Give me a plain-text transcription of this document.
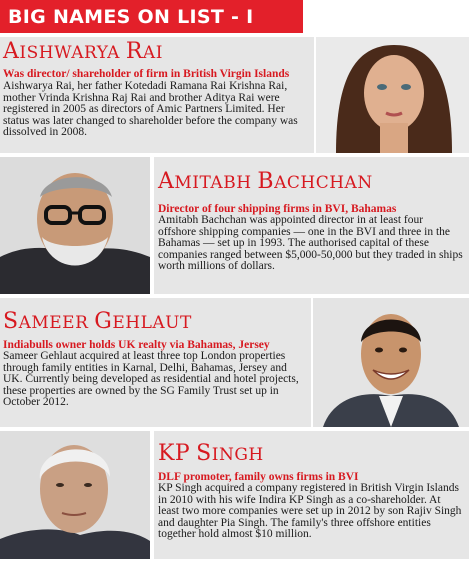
BIG NAMES ON LIST - I
AISHWARYA RAI
Was director/ shareholder of firm in British Virgin Islands
Aishwarya Rai, her father Kotedadi Ramana Rai Krishna Rai, mother Vrinda Krishna Raj Rai and brother Aditya Rai were registered in 2005 as directors of Amic Partners Limited. Her status was later changed to shareholder before the company was dissolved in 2008.
AMITABH BACHCHAN
Director of four shipping firms in BVI, Bahamas
Amitabh Bachchan was appointed director in at least four offshore shipping companies — one in the BVI and three in the Bahamas — set up in 1993. The authorised capital of these companies ranged between $5,000-50,000 but they traded in ships worth millions of dollars.
SAMEER GEHLAUT
Indiabulls owner holds UK realty via Bahamas, Jersey
Sameer Gehlaut acquired at least three top London properties through family entities in Karnal, Delhi, Bahamas, Jersey and UK. Currently being developed as residential and hotel projects, these properties are owned by the SG Family Trust set up in October 2012.
KP SINGH
DLF promoter, family owns firms in BVI
KP Singh acquired a company registered in British Virgin Islands in 2010 with his wife Indira KP Singh as a co-shareholder. At least two more companies were set up in 2012 by son Rajiv Singh and daughter Pia Singh. The family's three offshore entities together hold almost $10 million.
